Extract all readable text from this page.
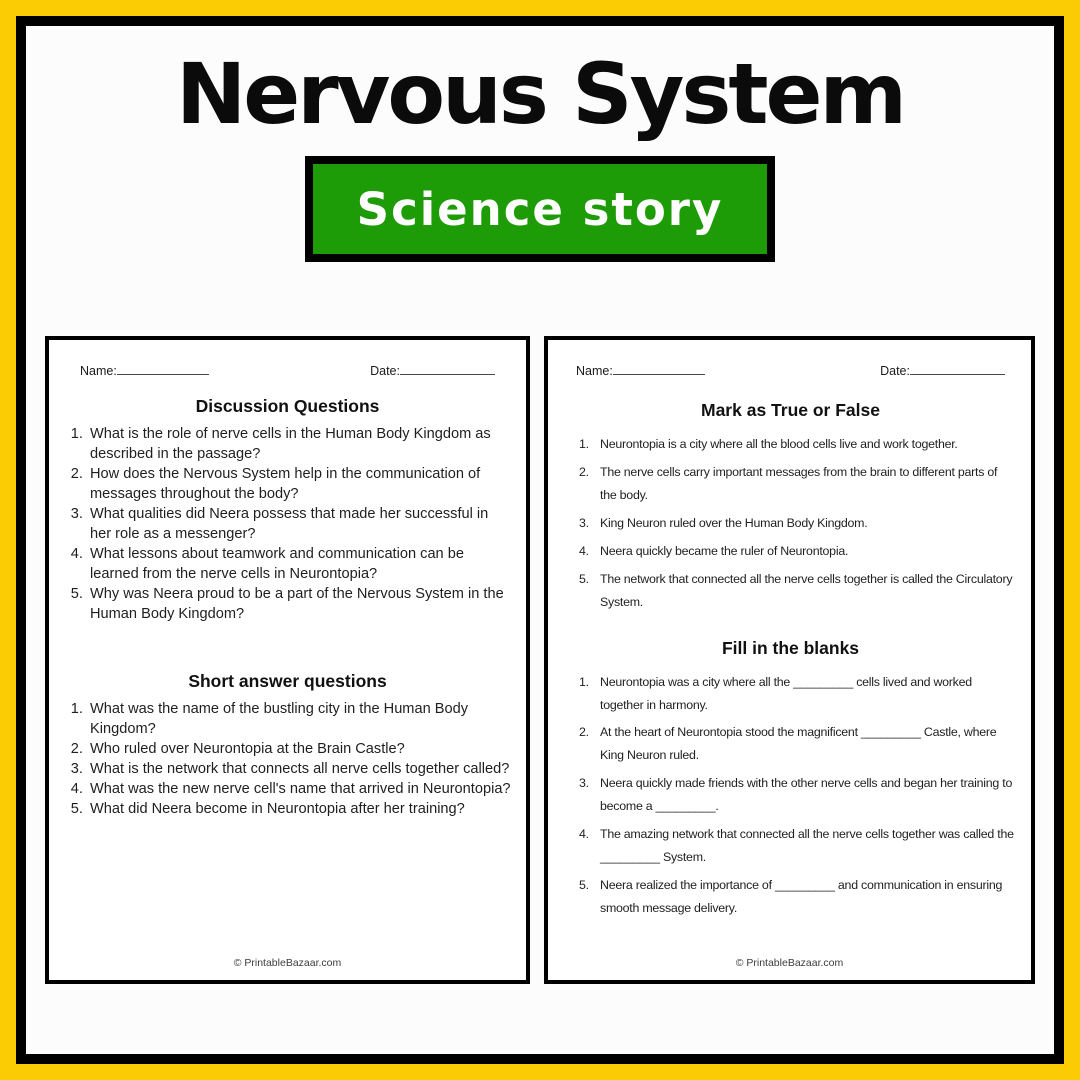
Nervous System
Science story
Name:	Date:
Discussion Questions
1. What is the role of nerve cells in the Human Body Kingdom as described in the passage?
2. How does the Nervous System help in the communication of messages throughout the body?
3. What qualities did Neera possess that made her successful in her role as a messenger?
4. What lessons about teamwork and communication can be learned from the nerve cells in Neurontopia?
5. Why was Neera proud to be a part of the Nervous System in the Human Body Kingdom?
Short answer questions
1. What was the name of the bustling city in the Human Body Kingdom?
2. Who ruled over Neurontopia at the Brain Castle?
3. What is the network that connects all nerve cells together called?
4. What was the new nerve cell's name that arrived in Neurontopia?
5. What did Neera become in Neurontopia after her training?
© PrintableBazaar.com
Name:	Date:
Mark as True or False
1. Neurontopia is a city where all the blood cells live and work together.
2. The nerve cells carry important messages from the brain to different parts of the body.
3. King Neuron ruled over the Human Body Kingdom.
4. Neera quickly became the ruler of Neurontopia.
5. The network that connected all the nerve cells together is called the Circulatory System.
Fill in the blanks
1. Neurontopia was a city where all the _________ cells lived and worked together in harmony.
2. At the heart of Neurontopia stood the magnificent _________ Castle, where King Neuron ruled.
3. Neera quickly made friends with the other nerve cells and began her training to become a _________.
4. The amazing network that connected all the nerve cells together was called the _________ System.
5. Neera realized the importance of _________ and communication in ensuring smooth message delivery.
© PrintableBazaar.com
